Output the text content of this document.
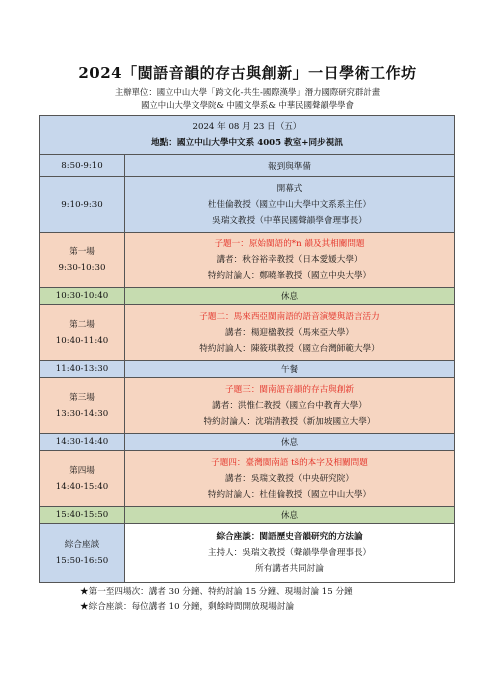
2024「閩語音韻的存古與創新」一日學術工作坊
主辦單位：國立中山大學「跨文化-共生-國際漢學」潛力國際研究群計畫
國立中山大學文學院& 中國文學系& 中華民國聲韻學學會
2024 年 08 月 23 日（五）
地點：國立中山大學中文系 4005 教室+同步視訊	

8:50-9:10	報到與準備
9:10-9:30	開幕式
杜佳倫教授（國立中山大學中文系系主任）
吳瑞文教授（中華民國聲韻學會理事長）

第一場
9:30-10:30	子題一：原始閩語的*n 韻及其相關問題
講者：秋谷裕幸教授（日本愛媛大學）
特約討論人：鄭曉峯教授（國立中央大學）

10:30-10:40	休息

第二場
10:40-11:40	子題二：馬來西亞閩南語的語音演變與語言活力
講者：楊迎楹教授（馬來亞大學）
特約討論人：陳筱琪教授（國立台灣師範大學）

11:40-13:30	午餐

第三場
13:30-14:30	子題三：閩南語音韻的存古與創新
講者：洪惟仁教授（國立台中教育大學）
特約討論人：沈瑞清教授（新加坡國立大學）

14:30-14:40	休息

第四場
14:40-15:40	子題四：臺灣閩南語 ts̃的本字及相關問題
講者：吳瑞文教授（中央研究院）
特約討論人：杜佳倫教授（國立中山大學）

15:40-15:50	休息

綜合座談
15:50-16:50	綜合座談：閩語歷史音韻研究的方法論
主持人：吳瑞文教授（聲韻學學會理事長）
所有講者共同討論
★第一至四場次：講者 30 分鐘、特約討論 15 分鐘、現場討論 15 分鐘
★綜合座談：每位講者 10 分鐘，剩餘時間開放現場討論
